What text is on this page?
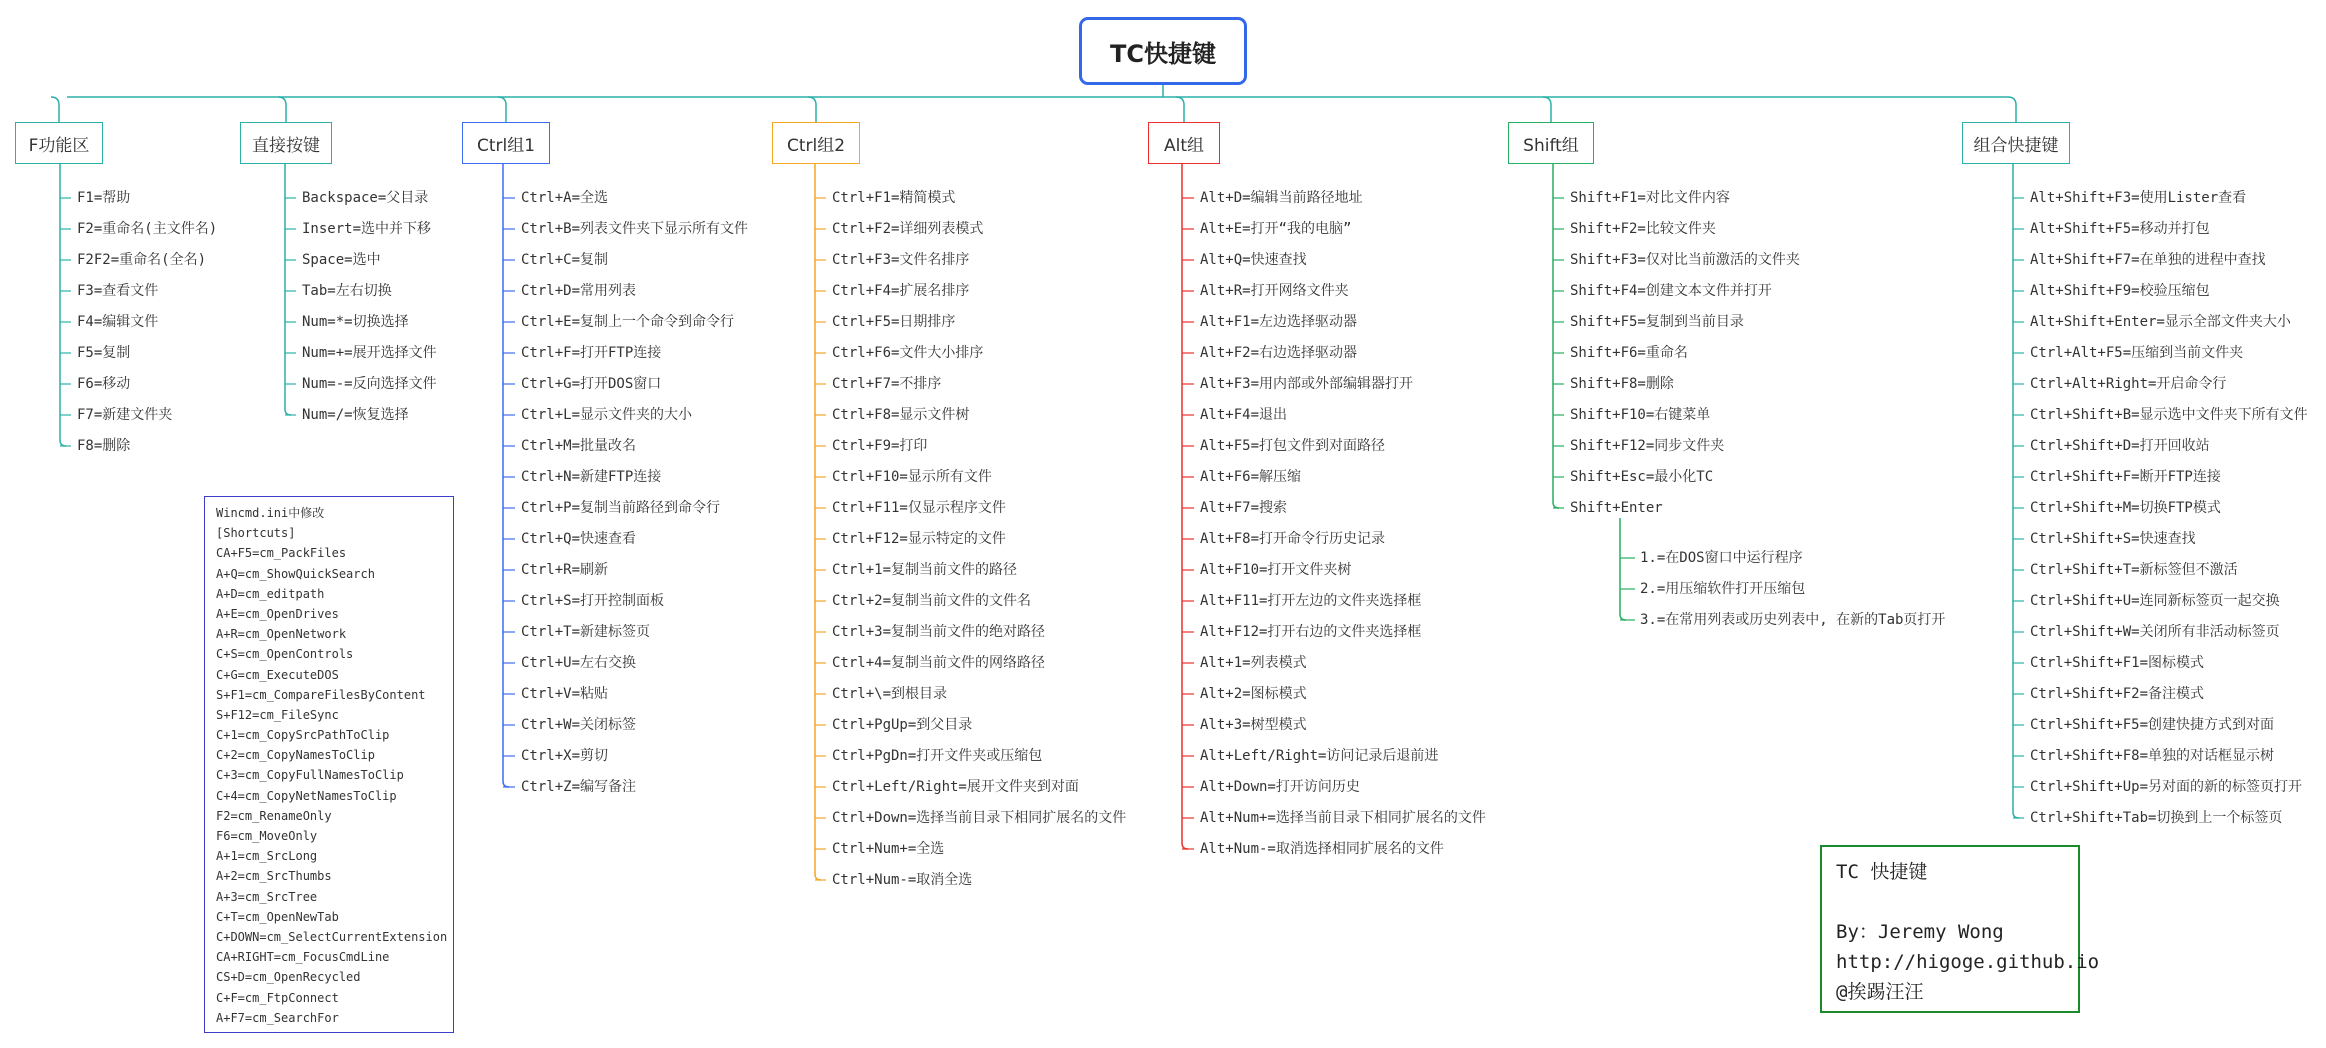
TC快捷键
F功能区
F1=帮助
F2=重命名(主文件名)
F2F2=重命名(全名)
F3=查看文件
F4=编辑文件
F5=复制
F6=移动
F7=新建文件夹
F8=删除
直接按键
Backspace=父目录
Insert=选中并下移
Space=选中
Tab=左右切换
Num=*=切换选择
Num=+=展开选择文件
Num=-=反向选择文件
Num=/=恢复选择
Ctrl组1
Ctrl+A=全选
Ctrl+B=列表文件夹下显示所有文件
Ctrl+C=复制
Ctrl+D=常用列表
Ctrl+E=复制上一个命令到命令行
Ctrl+F=打开FTP连接
Ctrl+G=打开DOS窗口
Ctrl+L=显示文件夹的大小
Ctrl+M=批量改名
Ctrl+N=新建FTP连接
Ctrl+P=复制当前路径到命令行
Ctrl+Q=快速查看
Ctrl+R=刷新
Ctrl+S=打开控制面板
Ctrl+T=新建标签页
Ctrl+U=左右交换
Ctrl+V=粘贴
Ctrl+W=关闭标签
Ctrl+X=剪切
Ctrl+Z=编写备注
Ctrl组2
Ctrl+F1=精简模式
Ctrl+F2=详细列表模式
Ctrl+F3=文件名排序
Ctrl+F4=扩展名排序
Ctrl+F5=日期排序
Ctrl+F6=文件大小排序
Ctrl+F7=不排序
Ctrl+F8=显示文件树
Ctrl+F9=打印
Ctrl+F10=显示所有文件
Ctrl+F11=仅显示程序文件
Ctrl+F12=显示特定的文件
Ctrl+1=复制当前文件的路径
Ctrl+2=复制当前文件的文件名
Ctrl+3=复制当前文件的绝对路径
Ctrl+4=复制当前文件的网络路径
Ctrl+\=到根目录
Ctrl+PgUp=到父目录
Ctrl+PgDn=打开文件夹或压缩包
Ctrl+Left/Right=展开文件夹到对面
Ctrl+Down=选择当前目录下相同扩展名的文件
Ctrl+Num+=全选
Ctrl+Num-=取消全选
Alt组
Alt+D=编辑当前路径地址
Alt+E=打开“我的电脑”
Alt+Q=快速查找
Alt+R=打开网络文件夹
Alt+F1=左边选择驱动器
Alt+F2=右边选择驱动器
Alt+F3=用内部或外部编辑器打开
Alt+F4=退出
Alt+F5=打包文件到对面路径
Alt+F6=解压缩
Alt+F7=搜索
Alt+F8=打开命令行历史记录
Alt+F10=打开文件夹树
Alt+F11=打开左边的文件夹选择框
Alt+F12=打开右边的文件夹选择框
Alt+1=列表模式
Alt+2=图标模式
Alt+3=树型模式
Alt+Left/Right=访问记录后退前进
Alt+Down=打开访问历史
Alt+Num+=选择当前目录下相同扩展名的文件
Alt+Num-=取消选择相同扩展名的文件
Shift组
Shift+F1=对比文件内容
Shift+F2=比较文件夹
Shift+F3=仅对比当前激活的文件夹
Shift+F4=创建文本文件并打开
Shift+F5=复制到当前目录
Shift+F6=重命名
Shift+F8=删除
Shift+F10=右键菜单
Shift+F12=同步文件夹
Shift+Esc=最小化TC
Shift+Enter
1.=在DOS窗口中运行程序
2.=用压缩软件打开压缩包
3.=在常用列表或历史列表中, 在新的Tab页打开
组合快捷键
Alt+Shift+F3=使用Lister查看
Alt+Shift+F5=移动并打包
Alt+Shift+F7=在单独的进程中查找
Alt+Shift+F9=校验压缩包
Alt+Shift+Enter=显示全部文件夹大小
Ctrl+Alt+F5=压缩到当前文件夹
Ctrl+Alt+Right=开启命令行
Ctrl+Shift+B=显示选中文件夹下所有文件
Ctrl+Shift+D=打开回收站
Ctrl+Shift+F=断开FTP连接
Ctrl+Shift+M=切换FTP模式
Ctrl+Shift+S=快速查找
Ctrl+Shift+T=新标签但不激活
Ctrl+Shift+U=连同新标签页一起交换
Ctrl+Shift+W=关闭所有非活动标签页
Ctrl+Shift+F1=图标模式
Ctrl+Shift+F2=备注模式
Ctrl+Shift+F5=创建快捷方式到对面
Ctrl+Shift+F8=单独的对话框显示树
Ctrl+Shift+Up=另对面的新的标签页打开
Ctrl+Shift+Tab=切换到上一个标签页
Wincmd.ini中修改
[Shortcuts]
CA+F5=cm_PackFiles
A+Q=cm_ShowQuickSearch
A+D=cm_editpath
A+E=cm_OpenDrives
A+R=cm_OpenNetwork
C+S=cm_OpenControls
C+G=cm_ExecuteDOS
S+F1=cm_CompareFilesByContent
S+F12=cm_FileSync
C+1=cm_CopySrcPathToClip
C+2=cm_CopyNamesToClip
C+3=cm_CopyFullNamesToClip
C+4=cm_CopyNetNamesToClip
F2=cm_RenameOnly
F6=cm_MoveOnly
A+1=cm_SrcLong
A+2=cm_SrcThumbs
A+3=cm_SrcTree
C+T=cm_OpenNewTab
C+DOWN=cm_SelectCurrentExtension
CA+RIGHT=cm_FocusCmdLine
CS+D=cm_OpenRecycled
C+F=cm_FtpConnect
A+F7=cm_SearchFor
TC 快捷键
By：Jeremy Wong
http://higoge.github.io
@挨踢汪汪
